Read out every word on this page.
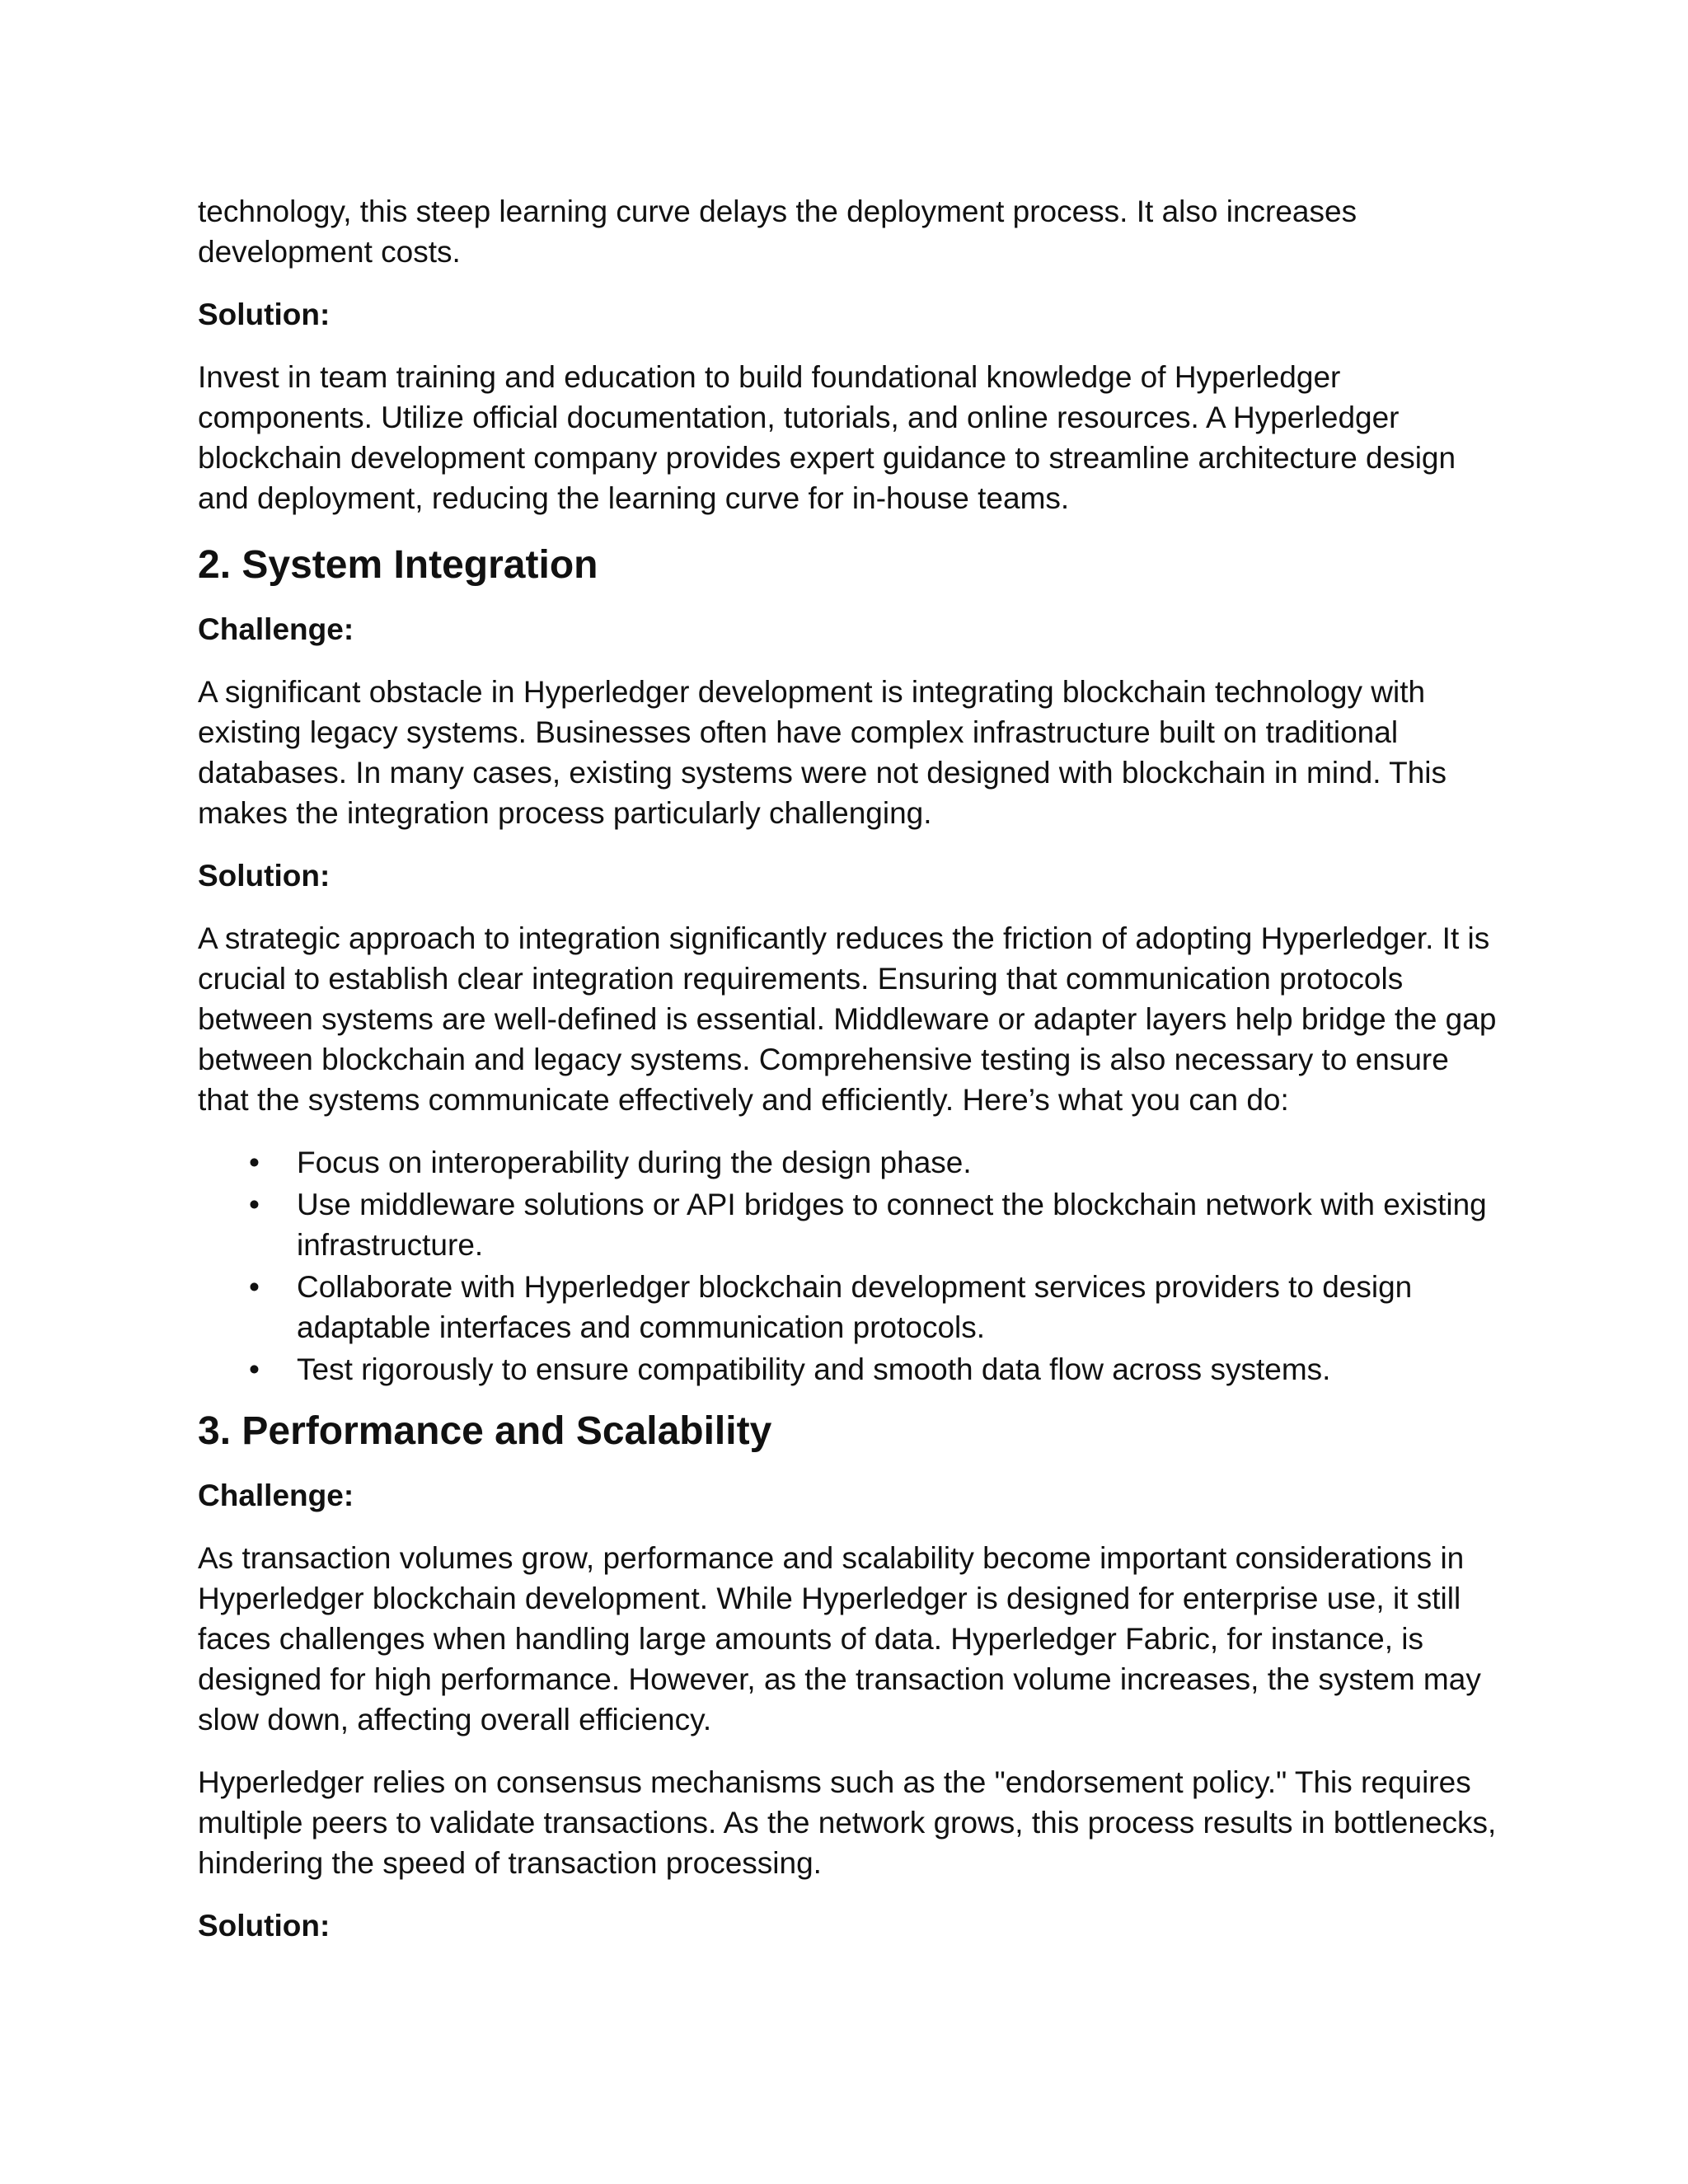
technology, this steep learning curve delays the deployment process. It also increases development costs.

Solution:

Invest in team training and education to build foundational knowledge of Hyperledger components. Utilize official documentation, tutorials, and online resources. A Hyperledger blockchain development company provides expert guidance to streamline architecture design and deployment, reducing the learning curve for in-house teams.

2. System Integration
Challenge:

A significant obstacle in Hyperledger development is integrating blockchain technology with existing legacy systems. Businesses often have complex infrastructure built on traditional databases. In many cases, existing systems were not designed with blockchain in mind. This makes the integration process particularly challenging.

Solution:

A strategic approach to integration significantly reduces the friction of adopting Hyperledger. It is crucial to establish clear integration requirements. Ensuring that communication protocols between systems are well-defined is essential. Middleware or adapter layers help bridge the gap between blockchain and legacy systems. Comprehensive testing is also necessary to ensure that the systems communicate effectively and efficiently. Here’s what you can do:

• Focus on interoperability during the design phase.
• Use middleware solutions or API bridges to connect the blockchain network with existing infrastructure.
• Collaborate with Hyperledger blockchain development services providers to design adaptable interfaces and communication protocols.
• Test rigorously to ensure compatibility and smooth data flow across systems.
3. Performance and Scalability
Challenge:

As transaction volumes grow, performance and scalability become important considerations in Hyperledger blockchain development. While Hyperledger is designed for enterprise use, it still faces challenges when handling large amounts of data. Hyperledger Fabric, for instance, is designed for high performance. However, as the transaction volume increases, the system may slow down, affecting overall efficiency.

Hyperledger relies on consensus mechanisms such as the "endorsement policy." This requires multiple peers to validate transactions. As the network grows, this process results in bottlenecks, hindering the speed of transaction processing.

Solution:
